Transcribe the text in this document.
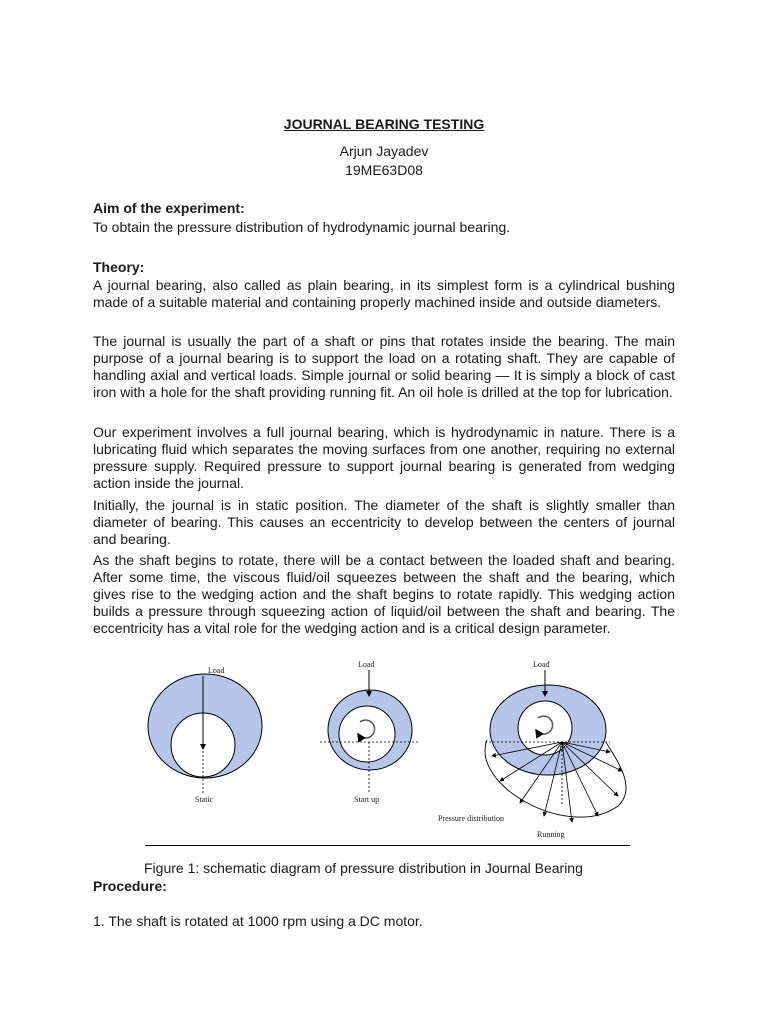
JOURNAL BEARING TESTING
Arjun Jayadev
19ME63D08
Aim of the experiment:
To obtain the pressure distribution of hydrodynamic journal bearing.
Theory:

A journal bearing, also called as plain bearing, in its simplest form is a cylindrical bushing made of a suitable material and containing properly machined inside and outside diameters.

The journal is usually the part of a shaft or pins that rotates inside the bearing. The main purpose of a journal bearing is to support the load on a rotating shaft. They are capable of handling axial and vertical loads. Simple journal or solid bearing — It is simply a block of cast iron with a hole for the shaft providing running fit. An oil hole is drilled at the top for lubrication.

Our experiment involves a full journal bearing, which is hydrodynamic in nature. There is a lubricating fluid which separates the moving surfaces from one another, requiring no external pressure supply. Required pressure to support journal bearing is generated from wedging action inside the journal.

Initially, the journal is in static position. The diameter of the shaft is slightly smaller than diameter of bearing. This causes an eccentricity to develop between the centers of journal and bearing.

As the shaft begins to rotate, there will be a contact between the loaded shaft and bearing. After some time, the viscous fluid/oil squeezes between the shaft and the bearing, which gives rise to the wedging action and the shaft begins to rotate rapidly. This wedging action builds a pressure through squeezing action of liquid/oil between the shaft and bearing. The eccentricity has a vital role for the wedging action and is a critical design parameter.

Load
Static
Load
Start up
Load
Pressure distribution
Running
Figure 1: schematic diagram of pressure distribution in Journal Bearing
Procedure:
1. The shaft is rotated at 1000 rpm using a DC motor.
